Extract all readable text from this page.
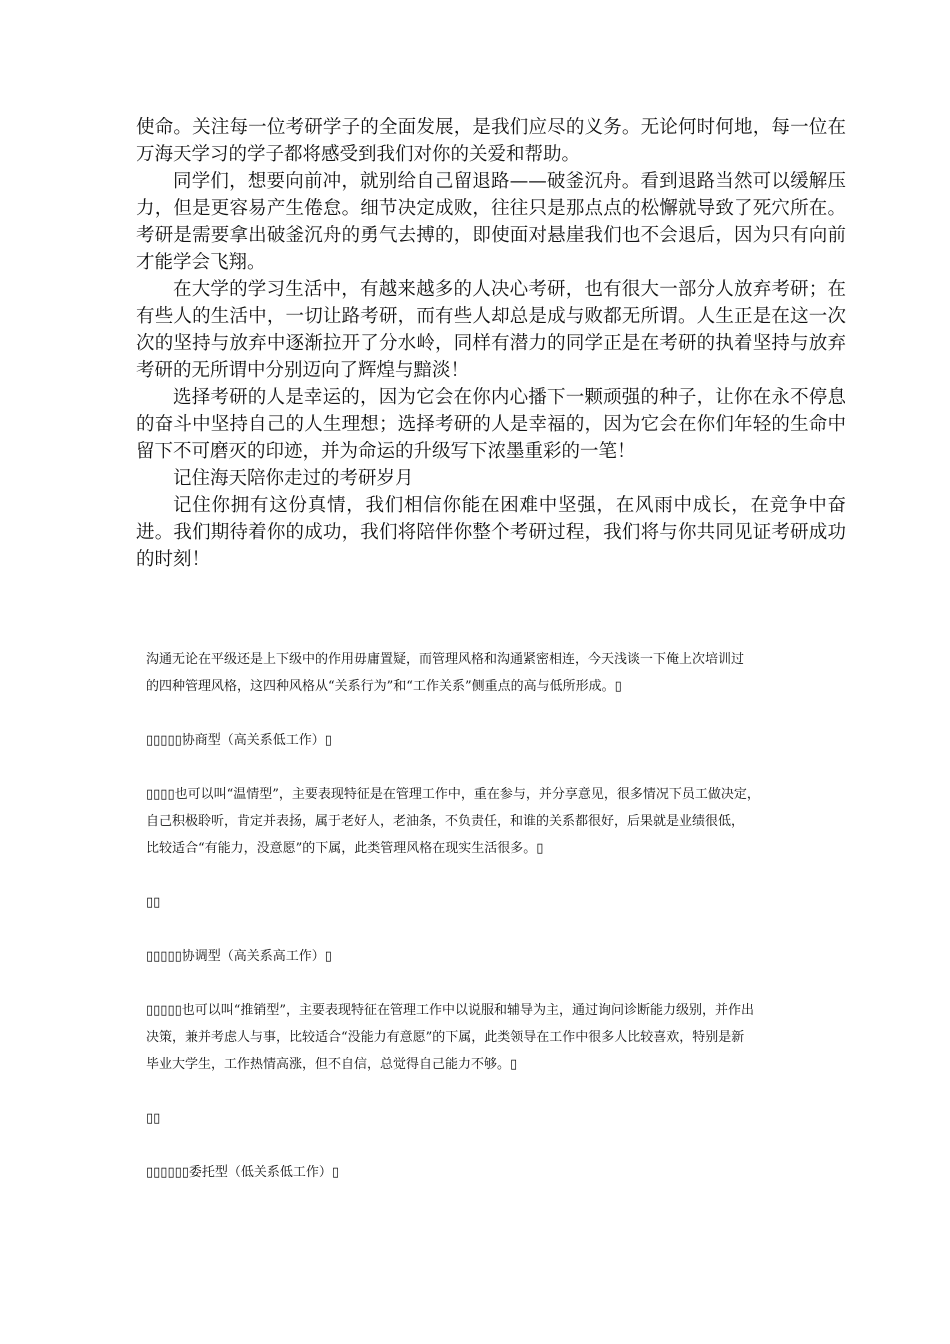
使命。关注每一位考研学子的全面发展，是我们应尽的义务。无论何时何地，每一位在万海天学习的学子都将感受到我们对你的关爱和帮助。

同学们，想要向前冲，就别给自己留退路——破釜沉舟。看到退路当然可以缓解压力，但是更容易产生倦怠。细节决定成败，往往只是那点点的松懈就导致了死穴所在。考研是需要拿出破釜沉舟的勇气去搏的，即使面对悬崖我们也不会退后，因为只有向前才能学会飞翔。

在大学的学习生活中，有越来越多的人决心考研，也有很大一部分人放弃考研；在有些人的生活中，一切让路考研，而有些人却总是成与败都无所谓。人生正是在这一次次的坚持与放弃中逐渐拉开了分水岭，同样有潜力的同学正是在考研的执着坚持与放弃考研的无所谓中分别迈向了辉煌与黯淡！

选择考研的人是幸运的，因为它会在你内心播下一颗顽强的种子，让你在永不停息的奋斗中坚持自己的人生理想；选择考研的人是幸福的，因为它会在你们年轻的生命中留下不可磨灭的印迹，并为命运的升级写下浓墨重彩的一笔！

记住海天陪你走过的考研岁月

记住你拥有这份真情，我们相信你能在困难中坚强，在风雨中成长，在竞争中奋进。我们期待着你的成功，我们将陪伴你整个考研过程，我们将与你共同见证考研成功的时刻！

沟通无论在平级还是上下级中的作用毋庸置疑，而管理风格和沟通紧密相连，今天浅谈一下俺上次培训过

的四种管理风格，这四种风格从“关系行为”和“工作关系”侧重点的高与低所形成。▯

▯▯▯▯▯协商型（高关系低工作）▯

▯▯▯▯也可以叫“温情型”，主要表现特征是在管理工作中，重在参与，并分享意见，很多情况下员工做决定，

自己积极聆听，肯定并表扬，属于老好人，老油条，不负责任，和谁的关系都很好，后果就是业绩很低，

比较适合“有能力，没意愿”的下属，此类管理风格在现实生活很多。▯

▯▯

▯▯▯▯▯协调型（高关系高工作）▯

▯▯▯▯▯也可以叫“推销型”，主要表现特征在管理工作中以说服和辅导为主，通过询问诊断能力级别，并作出

决策，兼并考虑人与事，比较适合“没能力有意愿”的下属，此类领导在工作中很多人比较喜欢，特别是新

毕业大学生，工作热情高涨，但不自信，总觉得自己能力不够。▯

▯▯

▯▯▯▯▯▯委托型（低关系低工作）▯
